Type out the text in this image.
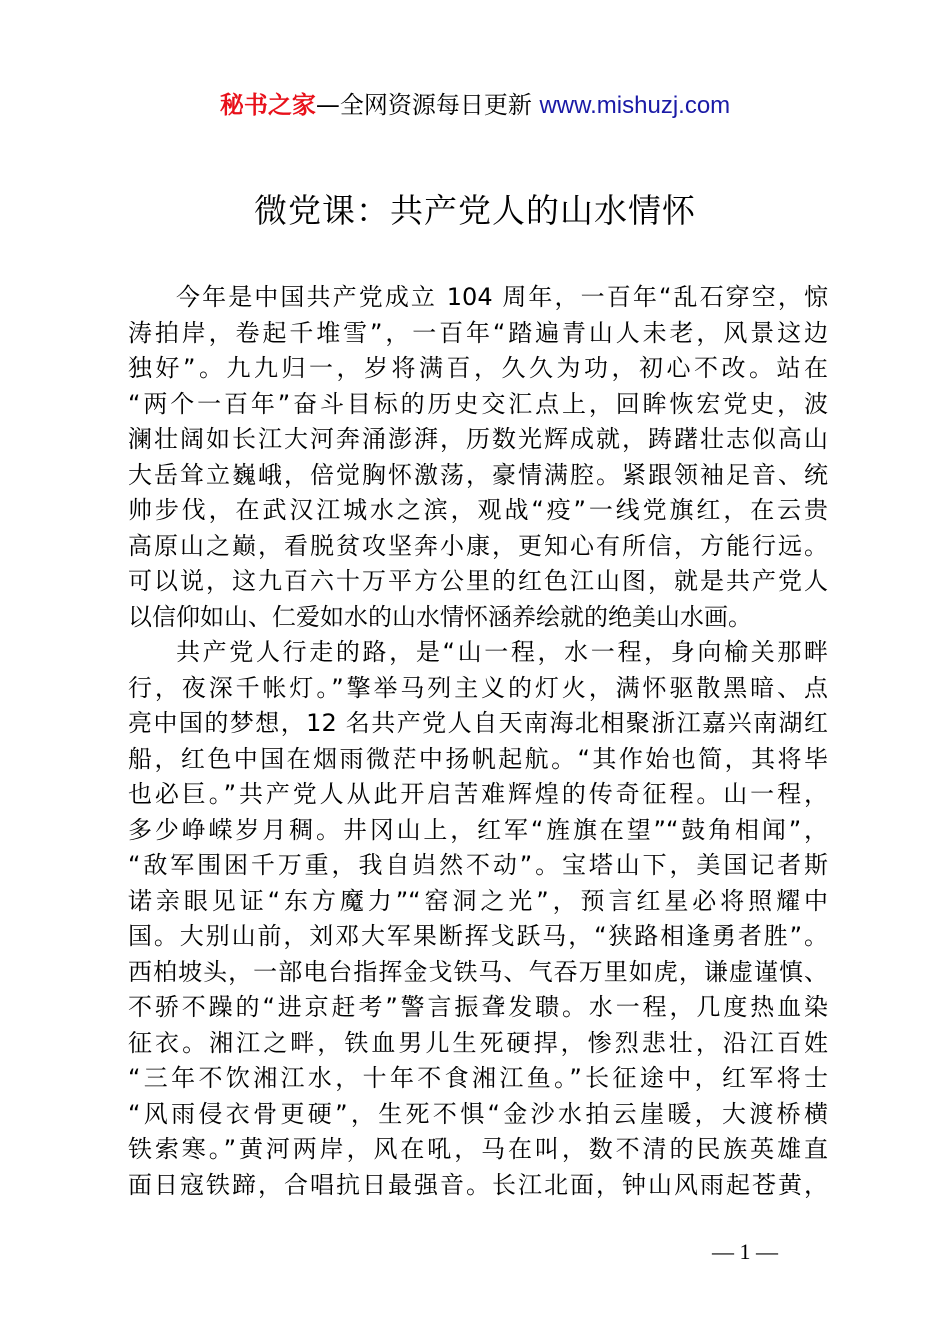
秘书之家—全网资源每日更新 www.mishuzj.com
微党课：共产党人的山水情怀
今年是中国共产党成立 104 周年，一百年“乱石穿空，惊
涛拍岸，卷起千堆雪”，一百年“踏遍青山人未老，风景这边
独好”。九九归一，岁将满百，久久为功，初心不改。站在
“两个一百年”奋斗目标的历史交汇点上，回眸恢宏党史，波
澜壮阔如长江大河奔涌澎湃，历数光辉成就，踌躇壮志似高山
大岳耸立巍峨，倍觉胸怀激荡，豪情满腔。紧跟领袖足音、统
帅步伐，在武汉江城水之滨，观战“疫”一线党旗红，在云贵
高原山之巅，看脱贫攻坚奔小康，更知心有所信，方能行远。
可以说，这九百六十万平方公里的红色江山图，就是共产党人
以信仰如山、仁爱如水的山水情怀涵养绘就的绝美山水画。
共产党人行走的路，是“山一程，水一程，身向榆关那畔
行，夜深千帐灯。”擎举马列主义的灯火，满怀驱散黑暗、点
亮中国的梦想，12 名共产党人自天南海北相聚浙江嘉兴南湖红
船，红色中国在烟雨微茫中扬帆起航。“其作始也简，其将毕
也必巨。”共产党人从此开启苦难辉煌的传奇征程。山一程，
多少峥嵘岁月稠。井冈山上，红军“旌旗在望”“鼓角相闻”，
“敌军围困千万重，我自岿然不动”。宝塔山下，美国记者斯
诺亲眼见证“东方魔力”“窑洞之光”，预言红星必将照耀中
国。大别山前，刘邓大军果断挥戈跃马，“狭路相逢勇者胜”。
西柏坡头，一部电台指挥金戈铁马、气吞万里如虎，谦虚谨慎、
不骄不躁的“进京赶考”警言振聋发聩。水一程，几度热血染
征衣。湘江之畔，铁血男儿生死硬捍，惨烈悲壮，沿江百姓
“三年不饮湘江水，十年不食湘江鱼。”长征途中，红军将士
“风雨侵衣骨更硬”，生死不惧“金沙水拍云崖暖，大渡桥横
铁索寒。”黄河两岸，风在吼，马在叫，数不清的民族英雄直
面日寇铁蹄，合唱抗日最强音。长江北面，钟山风雨起苍黄，
— 1 —
